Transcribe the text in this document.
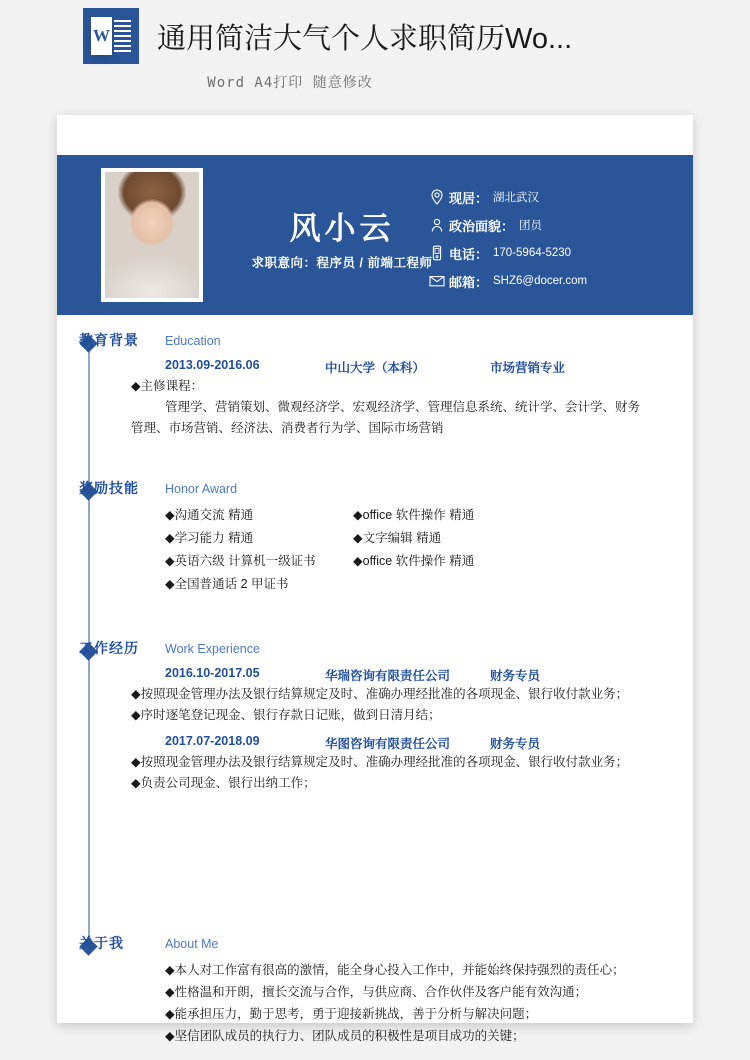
W 通用简洁大气个人求职简历Wo...
Word A4打印 随意修改
风小云
求职意向：程序员 / 前端工程师
现居： 湖北武汉
政治面貌： 团员
电话： 170-5964-5230
邮箱： SHZ6@docer.com
教育背景	Education
2013.09-2016.06	中山大学（本科）	市场营销专业
◆主修课程：
管理学、营销策划、微观经济学、宏观经济学、管理信息系统、统计学、会计学、财务管理、市场营销、经济法、消费者行为学、国际市场营销
奖励技能	Honor Award
◆沟通交流 精通	◆office 软件操作 精通
◆学习能力 精通	◆文字编辑 精通
◆英语六级 计算机一级证书	◆office 软件操作 精通
◆全国普通话 2 甲证书
工作经历	Work Experience
2016.10-2017.05	华瑞咨询有限责任公司	财务专员
◆按照现金管理办法及银行结算规定及时、准确办理经批准的各项现金、银行收付款业务；
◆序时逐笔登记现金、银行存款日记账，做到日清月结；
2017.07-2018.09	华图咨询有限责任公司	财务专员
◆按照现金管理办法及银行结算规定及时、准确办理经批准的各项现金、银行收付款业务；
◆负责公司现金、银行出纳工作；
关于我	About Me
◆本人对工作富有很高的激情，能全身心投入工作中，并能始终保持强烈的责任心；
◆性格温和开朗，擅长交流与合作，与供应商、合作伙伴及客户能有效沟通；
◆能承担压力，勤于思考，勇于迎接新挑战，善于分析与解决问题；
◆坚信团队成员的执行力、团队成员的积极性是项目成功的关键；
